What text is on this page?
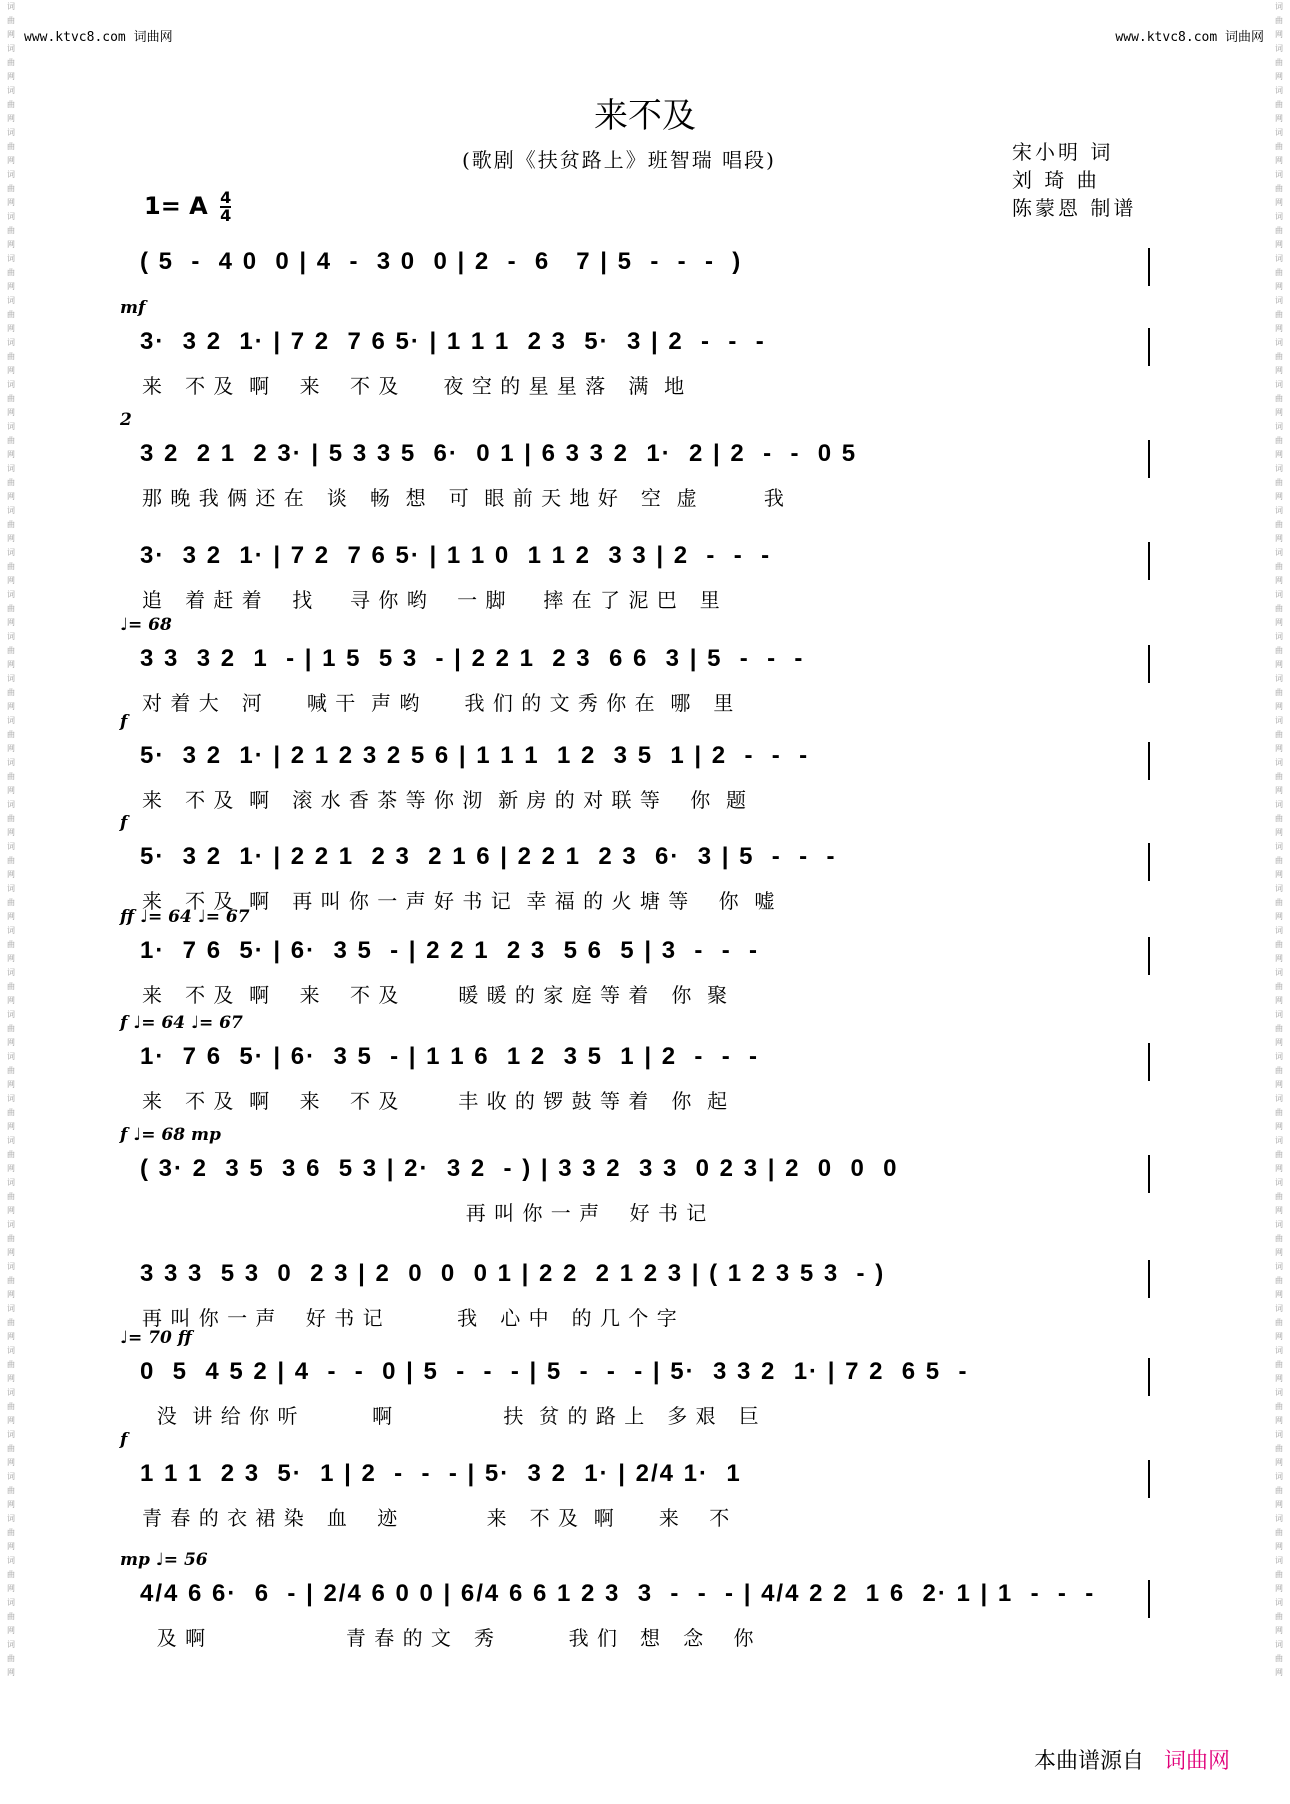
词曲网词曲网词曲网词曲网词曲网词曲网词曲网词曲网词曲网词曲网词曲网词曲网词曲网词曲网词曲网词曲网词曲网词曲网词曲网词曲网词曲网词曲网词曲网词曲网词曲网词曲网词曲网词曲网词曲网词曲网词曲网词曲网词曲网词曲网词曲网词曲网词曲网词曲网词曲网词曲网
词曲网词曲网词曲网词曲网词曲网词曲网词曲网词曲网词曲网词曲网词曲网词曲网词曲网词曲网词曲网词曲网词曲网词曲网词曲网词曲网词曲网词曲网词曲网词曲网词曲网词曲网词曲网词曲网词曲网词曲网词曲网词曲网词曲网词曲网词曲网词曲网词曲网词曲网词曲网词曲网
www.ktvc8.com 词曲网	www.ktvc8.com 词曲网
来不及
(歌剧《扶贫路上》班智瑞 唱段)	宋小明 词
刘 琦 曲
陈蒙恩 制谱
1= A $\frac{4}{4}$
( 5  -  4 0  0 | 4  -  3 0  0 | 2  -  6   7 | 5  -  -  -  )
mf
3·  3 2  1· | 7 2  7 6 5· | 1 1 1  2 3  5·  3 | 2  -  -  -
来   不 及  啊    来    不 及      夜 空 的 星 星 落   满  地
2
3 2  2 1  2 3· | 5 3 3 5  6·  0 1 | 6 3 3 2  1·  2 | 2  -  -  0 5
那 晚 我 俩 还 在   谈   畅  想   可  眼 前 天 地 好   空  虚         我
3·  3 2  1· | 7 2  7 6 5· | 1 1 0  1 1 2  3 3 | 2  -  -  -
追   着 赶 着    找     寻 你 哟    一 脚     摔 在 了 泥 巴   里
♩= 68
3 3  3 2  1  - | 1 5  5 3  - | 2 2 1  2 3  6 6  3 | 5  -  -  -
对 着 大   河      喊 干  声 哟      我 们 的 文 秀 你 在  哪   里
f
5·  3 2  1· | 2 1 2 3 2 5 6 | 1 1 1  1 2  3 5  1 | 2  -  -  -
来   不 及  啊   滚 水 香 茶 等 你 沏  新 房 的 对 联 等    你  题
f
5·  3 2  1· | 2 2 1  2 3  2 1 6 | 2 2 1  2 3  6·  3 | 5  -  -  -
来   不 及  啊   再 叫 你 一 声 好 书 记  幸 福 的 火 塘 等    你  嘘
ff ♩= 64 ♩= 67
1·  7 6  5· | 6·  3 5  - | 2 2 1  2 3  5 6  5 | 3  -  -  -
来   不 及  啊    来    不 及        暖 暖 的 家 庭 等 着   你  聚
f ♩= 64 ♩= 67
1·  7 6  5· | 6·  3 5  - | 1 1 6  1 2  3 5  1 | 2  -  -  -
来   不 及  啊    来    不 及        丰 收 的 锣 鼓 等 着   你  起
f ♩= 68 mp
( 3· 2  3 5  3 6  5 3 | 2·  3 2  - ) | 3 3 2  3 3  0 2 3 | 2  0  0  0
再 叫 你 一 声    好 书 记
3 3 3  5 3  0  2 3 | 2  0  0  0 1 | 2 2  2 1 2 3 | ( 1 2 3 5 3  - )
再 叫 你 一 声    好 书 记          我   心 中   的 几 个 字
♩= 70 ff
0  5  4 5 2 | 4  -  -  0 | 5  -  -  - | 5  -  -  - | 5·  3 3 2  1· | 7 2  6 5  -
没  讲 给 你 听          啊               扶  贫 的 路 上   多 艰   巨
f
1 1 1  2 3  5·  1 | 2  -  -  - | 5·  3 2  1· | 2/4 1·  1
青 春 的 衣 裙 染   血    迹            来   不 及  啊      来    不
mp ♩= 56
4/4 6 6·  6  - | 2/4 6 0 0 | 6/4 6 6 1 2 3  3  -  -  - | 4/4 2 2  1 6  2· 1 | 1  -  -  -
及 啊                   青 春 的 文   秀          我 们   想   念    你
本曲谱源自 词曲网
